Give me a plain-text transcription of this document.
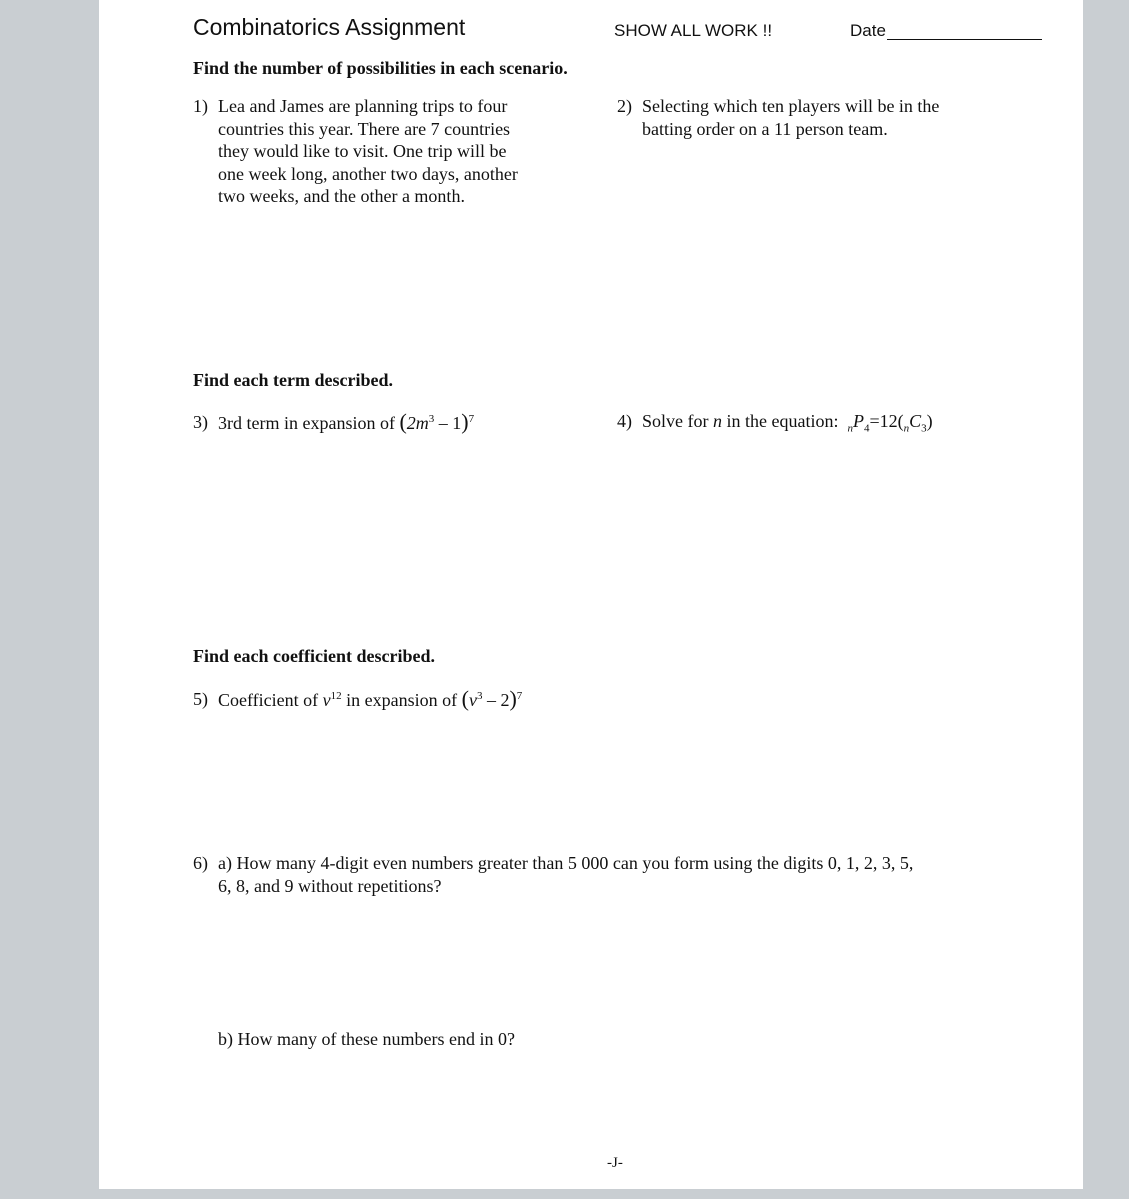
Combinatorics Assignment	SHOW ALL WORK !!	Date
Find the number of possibilities in each scenario.
1) Lea and James are planning trips to four
countries this year. There are 7 countries
they would like to visit. One trip will be
one week long, another two days, another
two weeks, and the other a month.
2) Selecting which ten players will be in the
batting order on a 11 person team.
Find each term described.
3) 3rd term in expansion of $(2m^3 - 1)^7$	4) Solve for n in the equation: $_nP_4=12(_nC_3)$
Find each coefficient described.
5) Coefficient of $v^{12}$ in expansion of $(v^3 - 2)^7$
6) a) How many 4-digit even numbers greater than 5 000 can you form using the digits 0, 1, 2, 3, 5,
6, 8, and 9 without repetitions?
b) How many of these numbers end in 0?
-J-
